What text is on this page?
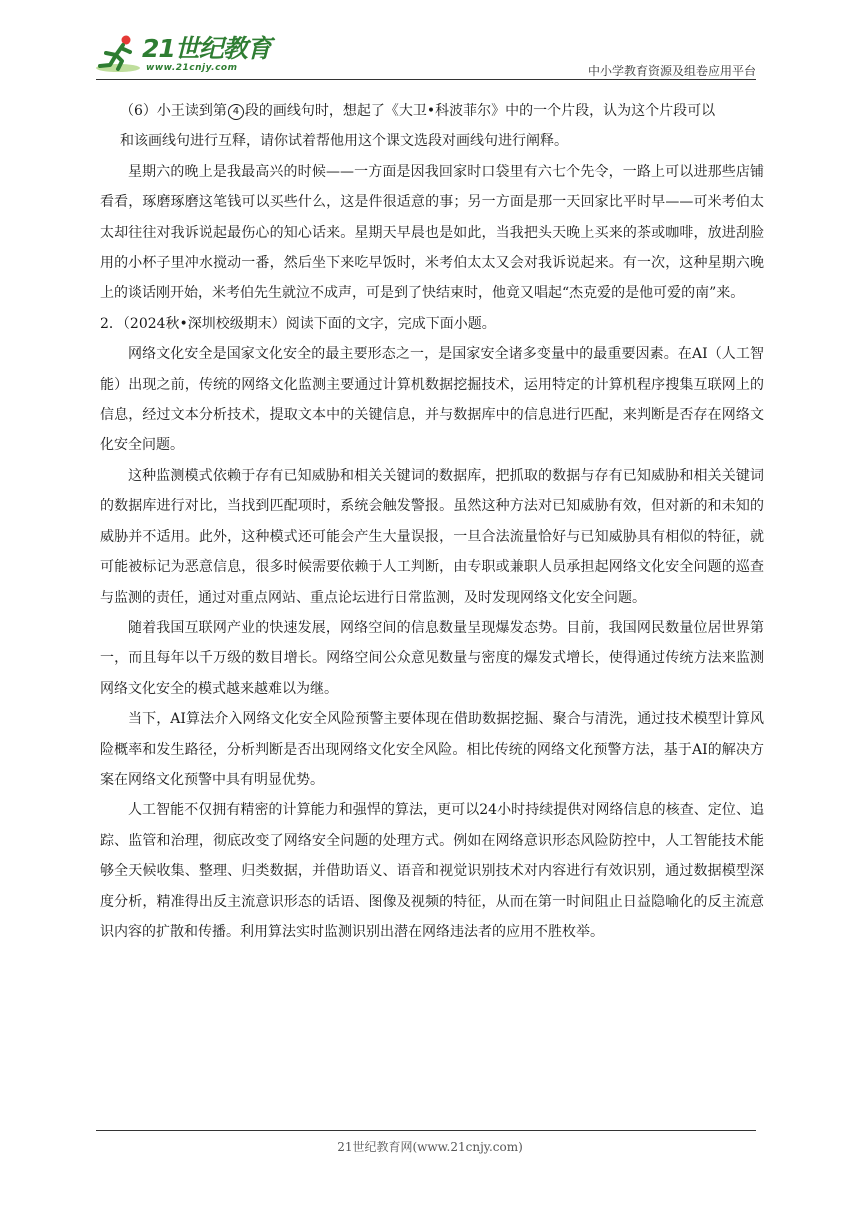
21世纪教育
www.21cnjy.com	中小学教育资源及组卷应用平台

（6）小王读到第 4 段的画线句时，想起了《大卫•科波菲尔》中的一个片段，认为这个片段可以
和该画线句进行互释，请你试着帮他用这个课文选段对画线句进行阐释。

星期六的晚上是我最高兴的时候——一方面是因我回家时口袋里有六七个先令，一路上可以进那些店铺看看，琢磨琢磨这笔钱可以买些什么，这是件很适意的事；另一方面是那一天回家比平时早——可米考伯太太却往往对我诉说起最伤心的知心话来。星期天早晨也是如此，当我把头天晚上买来的茶或咖啡，放进刮脸用的小杯子里冲水搅动一番，然后坐下来吃早饭时，米考伯太太又会对我诉说起来。有一次，这种星期六晚上的谈话刚开始，米考伯先生就泣不成声，可是到了快结束时，他竟又唱起“杰克爱的是他可爱的南”来。

2．（2024秋•深圳校级期末）阅读下面的文字，完成下面小题。

网络文化安全是国家文化安全的最主要形态之一，是国家安全诸多变量中的最重要因素。在AI（人工智能）出现之前，传统的网络文化监测主要通过计算机数据挖掘技术，运用特定的计算机程序搜集互联网上的信息，经过文本分析技术，提取文本中的关键信息，并与数据库中的信息进行匹配，来判断是否存在网络文化安全问题。

这种监测模式依赖于存有已知威胁和相关关键词的数据库，把抓取的数据与存有已知威胁和相关关键词的数据库进行对比，当找到匹配项时，系统会触发警报。虽然这种方法对已知威胁有效，但对新的和未知的威胁并不适用。此外，这种模式还可能会产生大量误报，一旦合法流量恰好与已知威胁具有相似的特征，就可能被标记为恶意信息，很多时候需要依赖于人工判断，由专职或兼职人员承担起网络文化安全问题的巡查与监测的责任，通过对重点网站、重点论坛进行日常监测，及时发现网络文化安全问题。

随着我国互联网产业的快速发展，网络空间的信息数量呈现爆发态势。目前，我国网民数量位居世界第一，而且每年以千万级的数目增长。网络空间公众意见数量与密度的爆发式增长，使得通过传统方法来监测网络文化安全的模式越来越难以为继。

当下，AI算法介入网络文化安全风险预警主要体现在借助数据挖掘、聚合与清洗，通过技术模型计算风险概率和发生路径，分析判断是否出现网络文化安全风险。相比传统的网络文化预警方法，基于AI的解决方案在网络文化预警中具有明显优势。

人工智能不仅拥有精密的计算能力和强悍的算法，更可以24小时持续提供对网络信息的核查、定位、追踪、监管和治理，彻底改变了网络安全问题的处理方式。例如在网络意识形态风险防控中，人工智能技术能够全天候收集、整理、归类数据，并借助语义、语音和视觉识别技术对内容进行有效识别，通过数据模型深度分析，精准得出反主流意识形态的话语、图像及视频的特征，从而在第一时间阻止日益隐喻化的反主流意识内容的扩散和传播。利用算法实时监测识别出潜在网络违法者的应用不胜枚举。

21世纪教育网(www.21cnjy.com)
